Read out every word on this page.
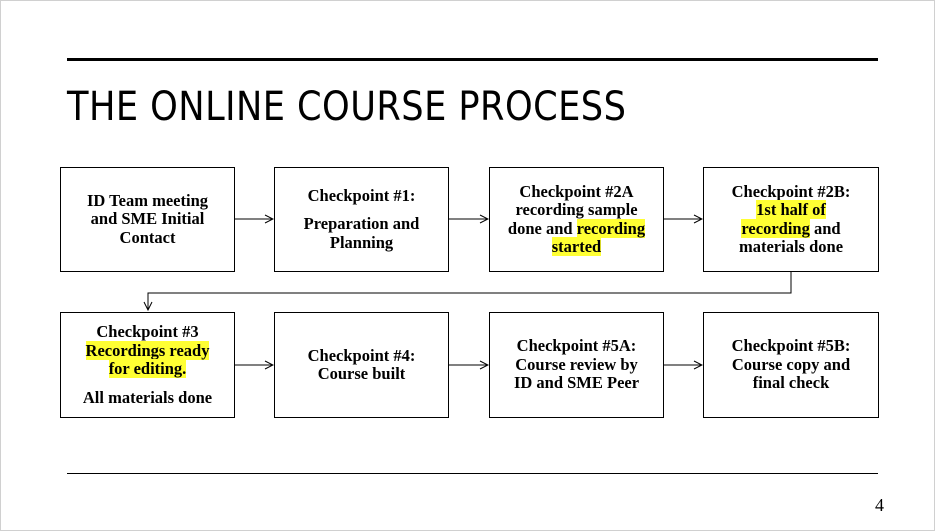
THE ONLINE COURSE PROCESS
ID Team meeting
and SME Initial
Contact
Checkpoint #1:
Preparation and
Planning
Checkpoint #2A
recording sample
done and recording
started
Checkpoint #2B:
1st half of
recording and
materials done
Checkpoint #3
Recordings ready
for editing.
All materials done
Checkpoint #4:
Course built
Checkpoint #5A:
Course review by
ID and SME Peer
Checkpoint #5B:
Course copy and
final check
4
